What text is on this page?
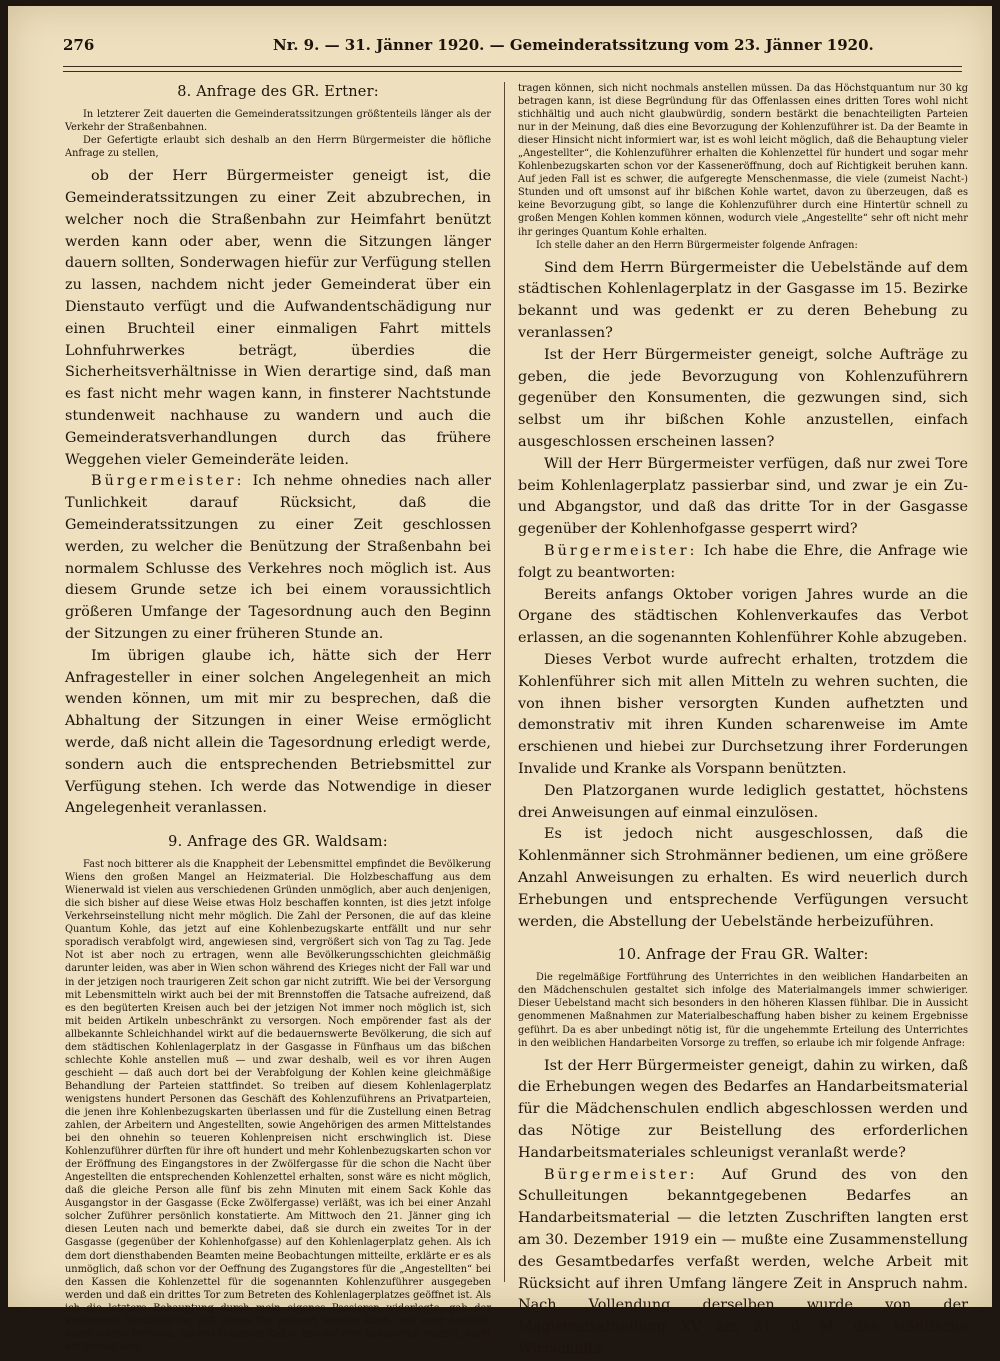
276	Nr. 9. — 31. Jänner 1920. — Gemeinderatssitzung vom 23. Jänner 1920.
8. Anfrage des GR. Ertner:

In letzterer Zeit dauerten die Gemeinderatssitzungen größtenteils länger als der Verkehr der Straßenbahnen.

Der Gefertigte erlaubt sich deshalb an den Herrn Bürgermeister die höfliche Anfrage zu stellen,

ob der Herr Bürgermeister geneigt ist, die Gemeinderatssitzungen zu einer Zeit abzubrechen, in welcher noch die Straßenbahn zur Heimfahrt benützt werden kann oder aber, wenn die Sitzungen länger dauern sollten, Sonderwagen hiefür zur Verfügung stellen zu lassen, nachdem nicht jeder Gemeinderat über ein Dienstauto verfügt und die Aufwandentschädigung nur einen Bruchteil einer einmaligen Fahrt mittels Lohnfuhrwerkes beträgt, überdies die Sicherheitsverhältnisse in Wien derartige sind, daß man es fast nicht mehr wagen kann, in finsterer Nachtstunde stundenweit nachhause zu wandern und auch die Gemeinderatsverhandlungen durch das frühere Weggehen vieler Gemeinderäte leiden.

Bürgermeister: Ich nehme ohnedies nach aller Tunlichkeit darauf Rücksicht, daß die Gemeinderatssitzungen zu einer Zeit geschlossen werden, zu welcher die Benützung der Straßenbahn bei normalem Schlusse des Verkehres noch möglich ist. Aus diesem Grunde setze ich bei einem voraussichtlich größeren Umfange der Tagesordnung auch den Beginn der Sitzungen zu einer früheren Stunde an.

Im übrigen glaube ich, hätte sich der Herr Anfragesteller in einer solchen Angelegenheit an mich wenden können, um mit mir zu besprechen, daß die Abhaltung der Sitzungen in einer Weise ermöglicht werde, daß nicht allein die Tagesordnung erledigt werde, sondern auch die entsprechenden Betriebsmittel zur Verfügung stehen. Ich werde das Notwendige in dieser Angelegenheit veranlassen.

9. Anfrage des GR. Waldsam:

Fast noch bitterer als die Knappheit der Lebensmittel empfindet die Bevölkerung Wiens den großen Mangel an Heizmaterial. Die Holzbeschaffung aus dem Wienerwald ist vielen aus verschiedenen Gründen unmöglich, aber auch denjenigen, die sich bisher auf diese Weise etwas Holz beschaffen konnten, ist dies jetzt infolge Verkehrseinstellung nicht mehr möglich. Die Zahl der Personen, die auf das kleine Quantum Kohle, das jetzt auf eine Kohlenbezugskarte entfällt und nur sehr sporadisch verabfolgt wird, angewiesen sind, vergrößert sich von Tag zu Tag. Jede Not ist aber noch zu ertragen, wenn alle Bevölkerungsschichten gleichmäßig darunter leiden, was aber in Wien schon während des Krieges nicht der Fall war und in der jetzigen noch traurigeren Zeit schon gar nicht zutrifft. Wie bei der Versorgung mit Lebensmitteln wirkt auch bei der mit Brennstoffen die Tatsache aufreizend, daß es den begüterten Kreisen auch bei der jetzigen Not immer noch möglich ist, sich mit beiden Artikeln unbeschränkt zu versorgen. Noch empörender fast als der allbekannte Schleichhandel wirkt auf die bedauernswerte Bevölkerung, die sich auf dem städtischen Kohlenlagerplatz in der Gasgasse in Fünfhaus um das bißchen schlechte Kohle anstellen muß — und zwar deshalb, weil es vor ihren Augen geschieht — daß auch dort bei der Verabfolgung der Kohlen keine gleichmäßige Behandlung der Parteien stattfindet. So treiben auf diesem Kohlenlagerplatz wenigstens hundert Personen das Geschäft des Kohlenzuführens an Privatparteien, die jenen ihre Kohlenbezugskarten überlassen und für die Zustellung einen Betrag zahlen, der Arbeitern und Angestellten, sowie Angehörigen des armen Mittelstandes bei den ohnehin so teueren Kohlenpreisen nicht erschwinglich ist. Diese Kohlenzuführer dürften für ihre oft hundert und mehr Kohlenbezugskarten schon vor der Eröffnung des Eingangstores in der Zwölfergasse für die schon die Nacht über Angestellten die entsprechenden Kohlenzettel erhalten, sonst wäre es nicht möglich, daß die gleiche Person alle fünf bis zehn Minuten mit einem Sack Kohle das Ausgangstor in der Gasgasse (Ecke Zwölfergasse) verläßt, was ich bei einer Anzahl solcher Zuführer persönlich konstatierte. Am Mittwoch den 21. Jänner ging ich diesen Leuten nach und bemerkte dabei, daß sie durch ein zweites Tor in der Gasgasse (gegenüber der Kohlenhofgasse) auf den Kohlenlagerplatz gehen. Als ich dem dort diensthabenden Beamten meine Beobachtungen mitteilte, erklärte er es als unmöglich, daß schon vor der Oeffnung des Zugangstores für die „Angestellten“ bei den Kassen die Kohlenzettel für die sogenannten Kohlenzuführer ausgegeben werden und daß ein drittes Tor zum Betreten des Kohlenlagerplatzes geöffnet ist. Als ich die letztere Behauptung durch mein eigenes Passieren widerlegte, gab der anwesende Verwalter zu, daß dieses Tor passiert werden kann, und zwar deshalb, damit solche Parteien, die das Quantum Kohle, das auf drei Kohlezettel entfällt, nicht auf einmal weg-

tragen können, sich nicht nochmals anstellen müssen. Da das Höchstquantum nur 30 kg betragen kann, ist diese Begründung für das Offenlassen eines dritten Tores wohl nicht stichhältig und auch nicht glaubwürdig, sondern bestärkt die benachteiligten Parteien nur in der Meinung, daß dies eine Bevorzugung der Kohlenzuführer ist. Da der Beamte in dieser Hinsicht nicht informiert war, ist es wohl leicht möglich, daß die Behauptung vieler „Angestellter“, die Kohlenzuführer erhalten die Kohlenzettel für hundert und sogar mehr Kohlenbezugskarten schon vor der Kasseneröffnung, doch auf Richtigkeit beruhen kann. Auf jeden Fall ist es schwer, die aufgeregte Menschenmasse, die viele (zumeist Nacht-) Stunden und oft umsonst auf ihr bißchen Kohle wartet, davon zu überzeugen, daß es keine Bevorzugung gibt, so lange die Kohlenzuführer durch eine Hintertür schnell zu großen Mengen Kohlen kommen können, wodurch viele „Angestellte“ sehr oft nicht mehr ihr geringes Quantum Kohle erhalten.

Ich stelle daher an den Herrn Bürgermeister folgende Anfragen:

Sind dem Herrn Bürgermeister die Uebelstände auf dem städtischen Kohlenlagerplatz in der Gasgasse im 15. Bezirke bekannt und was gedenkt er zu deren Behebung zu veranlassen?

Ist der Herr Bürgermeister geneigt, solche Aufträge zu geben, die jede Bevorzugung von Kohlenzuführern gegenüber den Konsumenten, die gezwungen sind, sich selbst um ihr bißchen Kohle anzustellen, einfach ausgeschlossen erscheinen lassen?

Will der Herr Bürgermeister verfügen, daß nur zwei Tore beim Kohlenlagerplatz passierbar sind, und zwar je ein Zu- und Abgangstor, und daß das dritte Tor in der Gasgasse gegenüber der Kohlenhofgasse gesperrt wird?

Bürgermeister: Ich habe die Ehre, die Anfrage wie folgt zu beantworten:

Bereits anfangs Oktober vorigen Jahres wurde an die Organe des städtischen Kohlenverkaufes das Verbot erlassen, an die sogenannten Kohlenführer Kohle abzugeben.

Dieses Verbot wurde aufrecht erhalten, trotzdem die Kohlenführer sich mit allen Mitteln zu wehren suchten, die von ihnen bisher versorgten Kunden aufhetzten und demonstrativ mit ihren Kunden scharenweise im Amte erschienen und hiebei zur Durchsetzung ihrer Forderungen Invalide und Kranke als Vorspann benützten.

Den Platzorganen wurde lediglich gestattet, höchstens drei Anweisungen auf einmal einzulösen.

Es ist jedoch nicht ausgeschlossen, daß die Kohlenmänner sich Strohmänner bedienen, um eine größere Anzahl Anweisungen zu erhalten. Es wird neuerlich durch Erhebungen und entsprechende Verfügungen versucht werden, die Abstellung der Uebelstände herbeizuführen.

10. Anfrage der Frau GR. Walter:

Die regelmäßige Fortführung des Unterrichtes in den weiblichen Handarbeiten an den Mädchenschulen gestaltet sich infolge des Materialmangels immer schwieriger. Dieser Uebelstand macht sich besonders in den höheren Klassen fühlbar. Die in Aussicht genommenen Maßnahmen zur Materialbeschaffung haben bisher zu keinem Ergebnisse geführt. Da es aber unbedingt nötig ist, für die ungehemmte Erteilung des Unterrichtes in den weiblichen Handarbeiten Vorsorge zu treffen, so erlaube ich mir folgende Anfrage:

Ist der Herr Bürgermeister geneigt, dahin zu wirken, daß die Erhebungen wegen des Bedarfes an Handarbeitsmaterial für die Mädchenschulen endlich abgeschlossen werden und das Nötige zur Beistellung des erforderlichen Handarbeitsmateriales schleunigst veranlaßt werde?

Bürgermeister: Auf Grund des von den Schulleitungen bekanntgegebenen Bedarfes an Handarbeitsmaterial — die letzten Zuschriften langten erst am 30. Dezember 1919 ein — mußte eine Zusammenstellung des Gesamtbedarfes verfaßt werden, welche Arbeit mit Rücksicht auf ihren Umfang längere Zeit in Anspruch nahm. Nach Vollendung derselben wurde von der Magistratsabteilung XV am 21. d. M. das städtische Wirtschafts-
